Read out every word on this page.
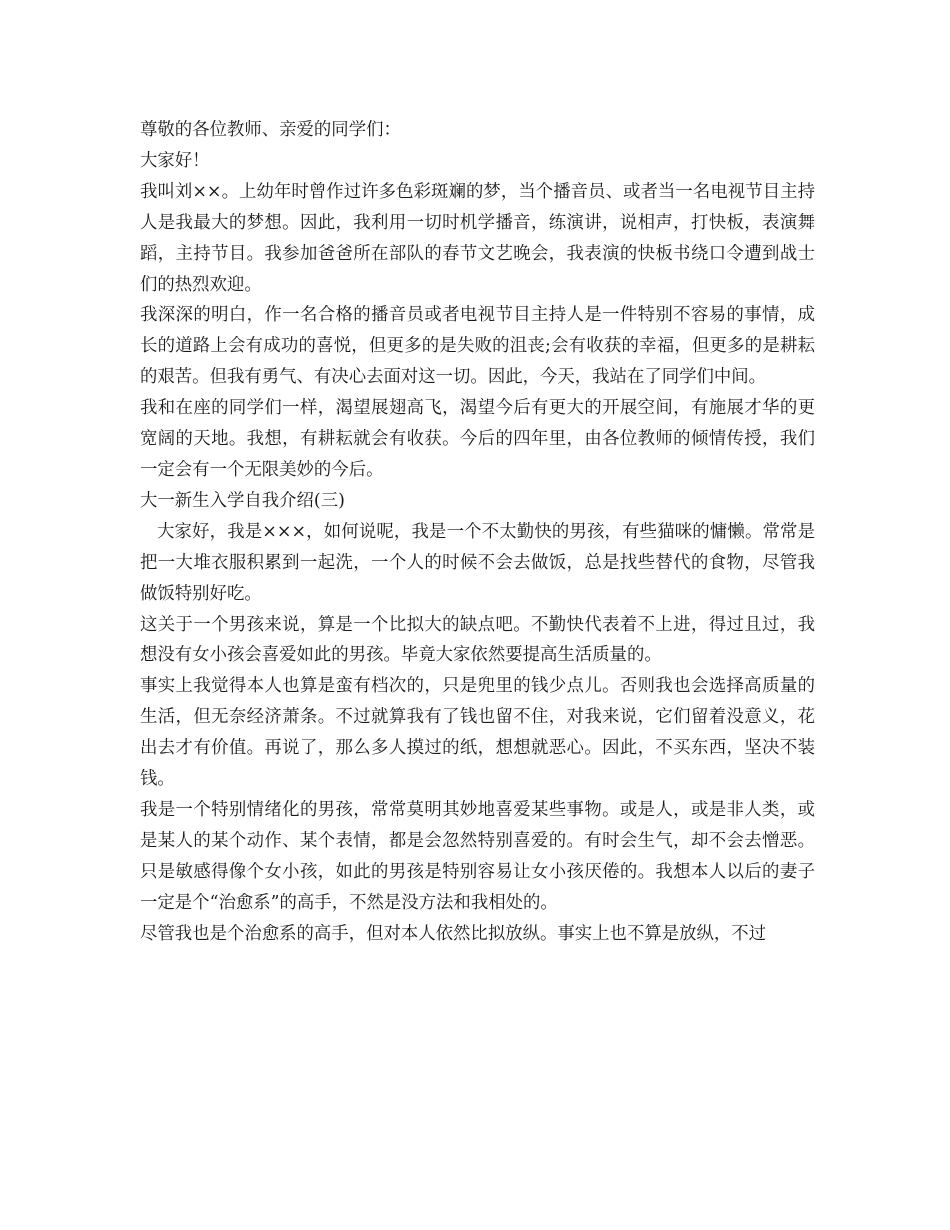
尊敬的各位教师、亲爱的同学们：

大家好！

我叫刘××。上幼年时曾作过许多色彩斑斓的梦，当个播音员、或者当一名电视节目主持人是我最大的梦想。因此，我利用一切时机学播音，练演讲，说相声，打快板，表演舞蹈，主持节目。我参加爸爸所在部队的春节文艺晚会，我表演的快板书绕口令遭到战士们的热烈欢迎。

我深深的明白，作一名合格的播音员或者电视节目主持人是一件特别不容易的事情，成长的道路上会有成功的喜悦，但更多的是失败的沮丧;会有收获的幸福，但更多的是耕耘的艰苦。但我有勇气、有决心去面对这一切。因此，今天，我站在了同学们中间。

我和在座的同学们一样，渴望展翅高飞，渴望今后有更大的开展空间，有施展才华的更宽阔的天地。我想，有耕耘就会有收获。今后的四年里，由各位教师的倾情传授，我们一定会有一个无限美妙的今后。

大一新生入学自我介绍(三)

大家好，我是×××，如何说呢，我是一个不太勤快的男孩，有些猫咪的慵懒。常常是把一大堆衣服积累到一起洗，一个人的时候不会去做饭，总是找些替代的食物，尽管我做饭特别好吃。

这关于一个男孩来说，算是一个比拟大的缺点吧。不勤快代表着不上进，得过且过，我想没有女小孩会喜爱如此的男孩。毕竟大家依然要提高生活质量的。

事实上我觉得本人也算是蛮有档次的，只是兜里的钱少点儿。否则我也会选择高质量的生活，但无奈经济萧条。不过就算我有了钱也留不住，对我来说，它们留着没意义，花出去才有价值。再说了，那么多人摸过的纸，想想就恶心。因此，不买东西，坚决不装钱。

我是一个特别情绪化的男孩，常常莫明其妙地喜爱某些事物。或是人，或是非人类，或是某人的某个动作、某个表情，都是会忽然特别喜爱的。有时会生气，却不会去憎恶。只是敏感得像个女小孩，如此的男孩是特别容易让女小孩厌倦的。我想本人以后的妻子一定是个“治愈系”的高手，不然是没方法和我相处的。

尽管我也是个治愈系的高手，但对本人依然比拟放纵。事实上也不算是放纵，不过
